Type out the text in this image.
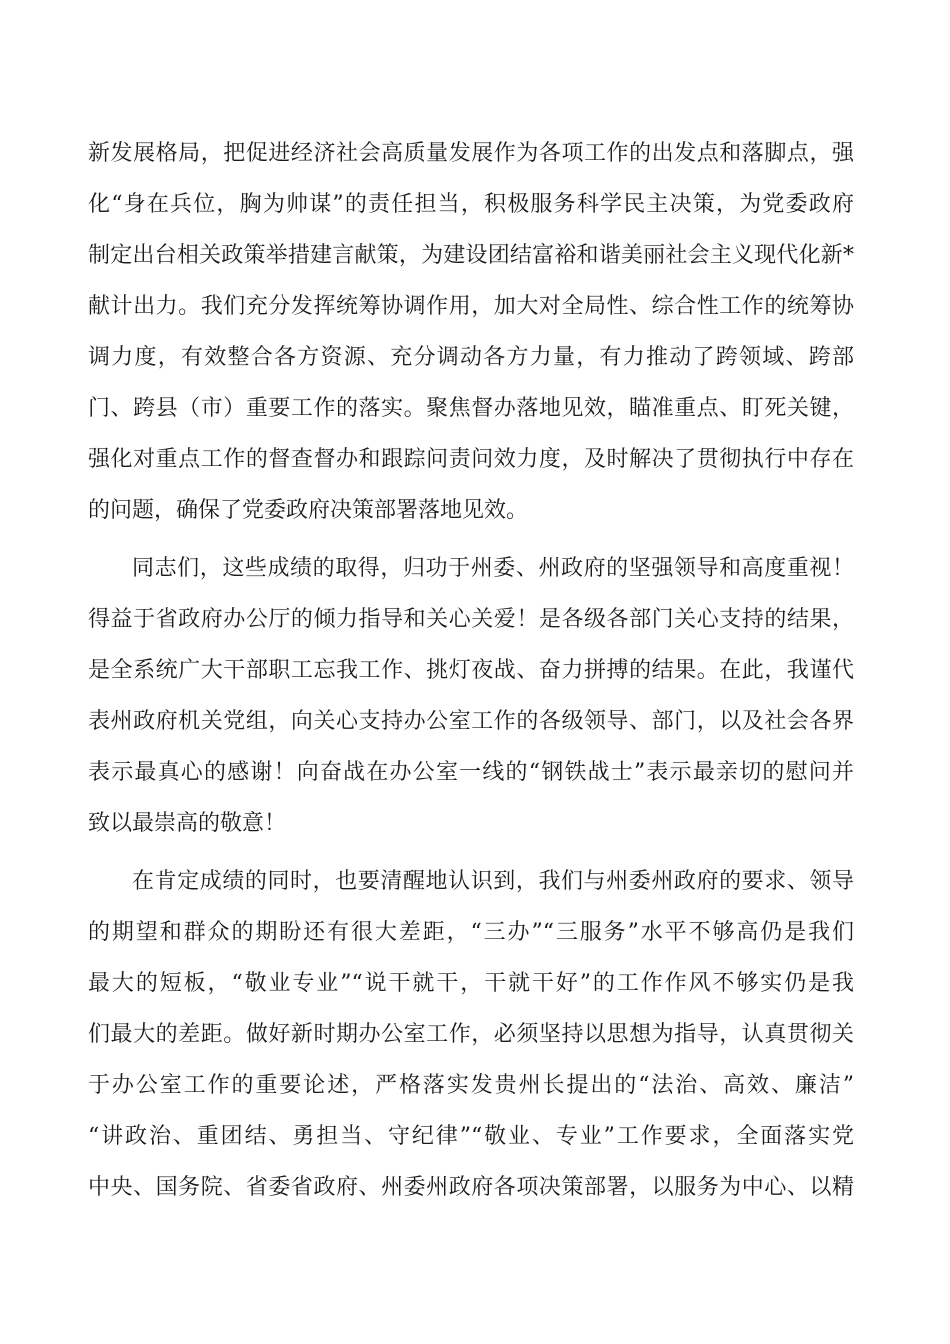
新发展格局，把促进经济社会高质量发展作为各项工作的出发点和落脚点，强
化“身在兵位，胸为帅谋”的责任担当，积极服务科学民主决策，为党委政府
制定出台相关政策举措建言献策，为建设团结富裕和谐美丽社会主义现代化新*
献计出力。我们充分发挥统筹协调作用，加大对全局性、综合性工作的统筹协
调力度，有效整合各方资源、充分调动各方力量，有力推动了跨领域、跨部
门、跨县（市）重要工作的落实。聚焦督办落地见效，瞄准重点、盯死关键，
强化对重点工作的督查督办和跟踪问责问效力度，及时解决了贯彻执行中存在
的问题，确保了党委政府决策部署落地见效。
同志们，这些成绩的取得，归功于州委、州政府的坚强领导和高度重视！
得益于省政府办公厅的倾力指导和关心关爱！是各级各部门关心支持的结果，
是全系统广大干部职工忘我工作、挑灯夜战、奋力拼搏的结果。在此，我谨代
表州政府机关党组，向关心支持办公室工作的各级领导、部门，以及社会各界
表示最真心的感谢！向奋战在办公室一线的“钢铁战士”表示最亲切的慰问并
致以最崇高的敬意！
在肯定成绩的同时，也要清醒地认识到，我们与州委州政府的要求、领导
的期望和群众的期盼还有很大差距，“三办”“三服务”水平不够高仍是我们
最大的短板，“敬业专业”“说干就干，干就干好”的工作作风不够实仍是我
们最大的差距。做好新时期办公室工作，必须坚持以思想为指导，认真贯彻关
于办公室工作的重要论述，严格落实发贵州长提出的“法治、高效、廉洁”
“讲政治、重团结、勇担当、守纪律”“敬业、专业”工作要求，全面落实党
中央、国务院、省委省政府、州委州政府各项决策部署，以服务为中心、以精
